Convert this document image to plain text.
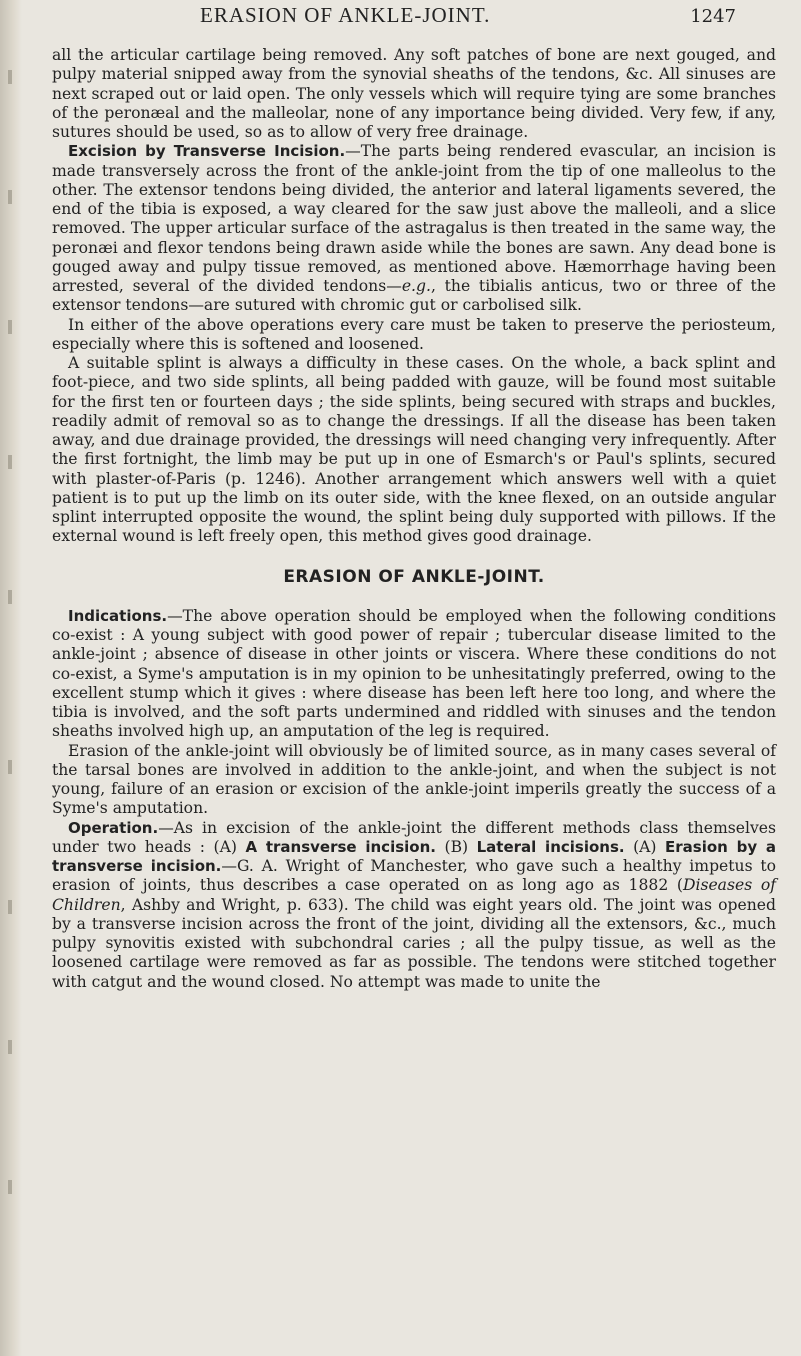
ERASION OF ANKLE-JOINT.	1247

all the articular cartilage being removed. Any soft patches of bone are next gouged, and pulpy material snipped away from the synovial sheaths of the tendons, &c. All sinuses are next scraped out or laid open. The only vessels which will require tying are some branches of the peronæal and the malleolar, none of any importance being divided. Very few, if any, sutures should be used, so as to allow of very free drainage.

Excision by Transverse Incision.—The parts being rendered evascular, an incision is made transversely across the front of the ankle-joint from the tip of one malleolus to the other. The extensor tendons being divided, the anterior and lateral ligaments severed, the end of the tibia is exposed, a way cleared for the saw just above the malleoli, and a slice removed. The upper articular surface of the astragalus is then treated in the same way, the peronæi and flexor tendons being drawn aside while the bones are sawn. Any dead bone is gouged away and pulpy tissue removed, as mentioned above. Hæmorrhage having been arrested, several of the divided tendons—e.g., the tibialis anticus, two or three of the extensor tendons—are sutured with chromic gut or carbolised silk.

In either of the above operations every care must be taken to preserve the periosteum, especially where this is softened and loosened.

A suitable splint is always a difficulty in these cases. On the whole, a back splint and foot-piece, and two side splints, all being padded with gauze, will be found most suitable for the first ten or fourteen days ; the side splints, being secured with straps and buckles, readily admit of removal so as to change the dressings. If all the disease has been taken away, and due drainage provided, the dressings will need changing very infrequently. After the first fortnight, the limb may be put up in one of Esmarch's or Paul's splints, secured with plaster-of-Paris (p. 1246). Another arrangement which answers well with a quiet patient is to put up the limb on its outer side, with the knee flexed, on an outside angular splint interrupted opposite the wound, the splint being duly supported with pillows. If the external wound is left freely open, this method gives good drainage.

ERASION OF ANKLE-JOINT.

Indications.—The above operation should be employed when the following conditions co-exist : A young subject with good power of repair ; tubercular disease limited to the ankle-joint ; absence of disease in other joints or viscera. Where these conditions do not co-exist, a Syme's amputation is in my opinion to be unhesitatingly preferred, owing to the excellent stump which it gives : where disease has been left here too long, and where the tibia is involved, and the soft parts undermined and riddled with sinuses and the tendon sheaths involved high up, an amputation of the leg is required.

Erasion of the ankle-joint will obviously be of limited source, as in many cases several of the tarsal bones are involved in addition to the ankle-joint, and when the subject is not young, failure of an erasion or excision of the ankle-joint imperils greatly the success of a Syme's amputation.

Operation.—As in excision of the ankle-joint the different methods class themselves under two heads : (A) A transverse incision. (B) Lateral incisions. (A) Erasion by a transverse incision.—G. A. Wright of Manchester, who gave such a healthy impetus to erasion of joints, thus describes a case operated on as long ago as 1882 (Diseases of Children, Ashby and Wright, p. 633). The child was eight years old. The joint was opened by a transverse incision across the front of the joint, dividing all the extensors, &c., much pulpy synovitis existed with subchondral caries ; all the pulpy tissue, as well as the loosened cartilage were removed as far as possible. The tendons were stitched together with catgut and the wound closed. No attempt was made to unite the
